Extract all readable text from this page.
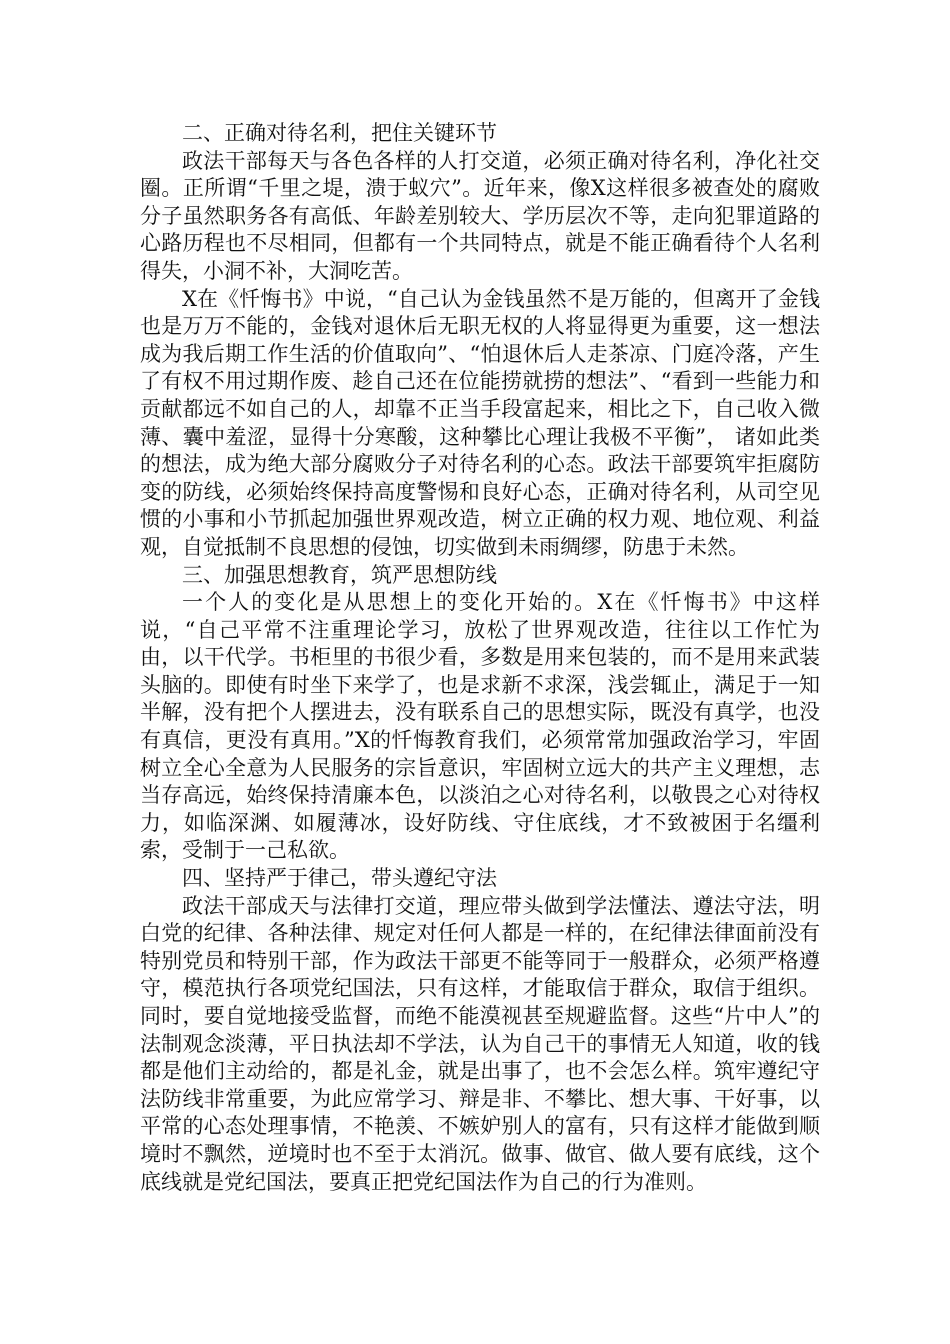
二、正确对待名利，把住关键环节

政法干部每天与各色各样的人打交道，必须正确对待名利，净化社交圈。正所谓“千里之堤，溃于蚁穴”。近年来，像X这样很多被查处的腐败分子虽然职务各有高低、年龄差别较大、学历层次不等，走向犯罪道路的心路历程也不尽相同，但都有一个共同特点，就是不能正确看待个人名利得失，小洞不补，大洞吃苦。

X在《忏悔书》中说，“自己认为金钱虽然不是万能的，但离开了金钱也是万万不能的，金钱对退休后无职无权的人将显得更为重要，这一想法成为我后期工作生活的价值取向”、“怕退休后人走茶凉、门庭冷落，产生了有权不用过期作废、趁自己还在位能捞就捞的想法”、“看到一些能力和贡献都远不如自己的人，却靠不正当手段富起来，相比之下，自己收入微薄、囊中羞涩，显得十分寒酸，这种攀比心理让我极不平衡”， 诸如此类的想法，成为绝大部分腐败分子对待名利的心态。政法干部要筑牢拒腐防变的防线，必须始终保持高度警惕和良好心态，正确对待名利，从司空见惯的小事和小节抓起加强世界观改造，树立正确的权力观、地位观、利益观，自觉抵制不良思想的侵蚀，切实做到未雨绸缪，防患于未然。

三、加强思想教育，筑严思想防线

一个人的变化是从思想上的变化开始的。X在《忏悔书》中这样说，“自己平常不注重理论学习，放松了世界观改造，往往以工作忙为由，以干代学。书柜里的书很少看，多数是用来包装的，而不是用来武装头脑的。即使有时坐下来学了，也是求新不求深，浅尝辄止，满足于一知半解，没有把个人摆进去，没有联系自己的思想实际，既没有真学，也没有真信，更没有真用。”X的忏悔教育我们，必须常常加强政治学习，牢固树立全心全意为人民服务的宗旨意识，牢固树立远大的共产主义理想，志当存高远，始终保持清廉本色，以淡泊之心对待名利，以敬畏之心对待权力，如临深渊、如履薄冰，设好防线、守住底线，才不致被困于名缰利索，受制于一己私欲。

四、坚持严于律己，带头遵纪守法

政法干部成天与法律打交道，理应带头做到学法懂法、遵法守法，明白党的纪律、各种法律、规定对任何人都是一样的，在纪律法律面前没有特别党员和特别干部，作为政法干部更不能等同于一般群众，必须严格遵守，模范执行各项党纪国法，只有这样，才能取信于群众，取信于组织。同时，要自觉地接受监督，而绝不能漠视甚至规避监督。这些“片中人”的法制观念淡薄，平日执法却不学法，认为自己干的事情无人知道，收的钱都是他们主动给的，都是礼金，就是出事了，也不会怎么样。筑牢遵纪守法防线非常重要，为此应常学习、辩是非、不攀比、想大事、干好事，以平常的心态处理事情，不艳羡、不嫉妒别人的富有，只有这样才能做到顺境时不飘然，逆境时也不至于太消沉。做事、做官、做人要有底线，这个底线就是党纪国法，要真正把党纪国法作为自己的行为准则。
